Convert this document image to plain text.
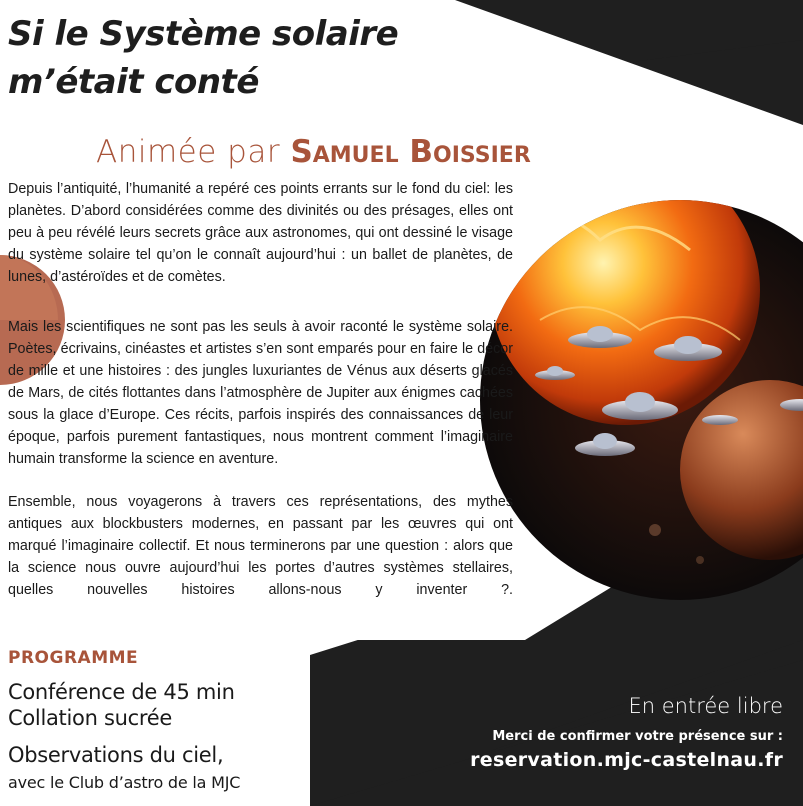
Si le Système solaire
m’était conté
Animée par Samuel Boissier

Depuis l’antiquité, l’humanité a repéré ces points errants sur le fond du ciel: les planètes. D’abord considérées comme des divinités ou des présages, elles ont peu à peu révélé leurs secrets grâce aux astronomes, qui ont dessiné le visage du système solaire tel qu’on le connaît aujourd’hui : un ballet de planètes, de lunes, d’astéroïdes et de comètes.

Mais les scientifiques ne sont pas les seuls à avoir raconté le système solaire. Poètes, écrivains, cinéastes et artistes s’en sont emparés pour en faire le décor de mille et une histoires : des jungles luxuriantes de Vénus aux déserts glacés de Mars, de cités flottantes dans l’atmosphère de Jupiter aux énigmes cachées sous la glace d’Europe. Ces récits, parfois inspirés des connaissances de leur époque, parfois purement fantastiques, nous montrent comment l’imaginaire humain transforme la science en aventure.

Ensemble, nous voyagerons à travers ces représentations, des mythes antiques aux blockbusters modernes, en passant par les œuvres qui ont marqué l’imaginaire collectif. Et nous terminerons par une question : alors que la science nous ouvre aujourd’hui les portes d’autres systèmes stellaires, quelles nouvelles histoires allons-nous y inventer ?.

PROGRAMME
Conférence de 45 min
Collation sucrée
Observations du ciel,
avec le Club d’astro de la MJC
En entrée libre
Merci de confirmer votre présence sur :
reservation.mjc-castelnau.fr
